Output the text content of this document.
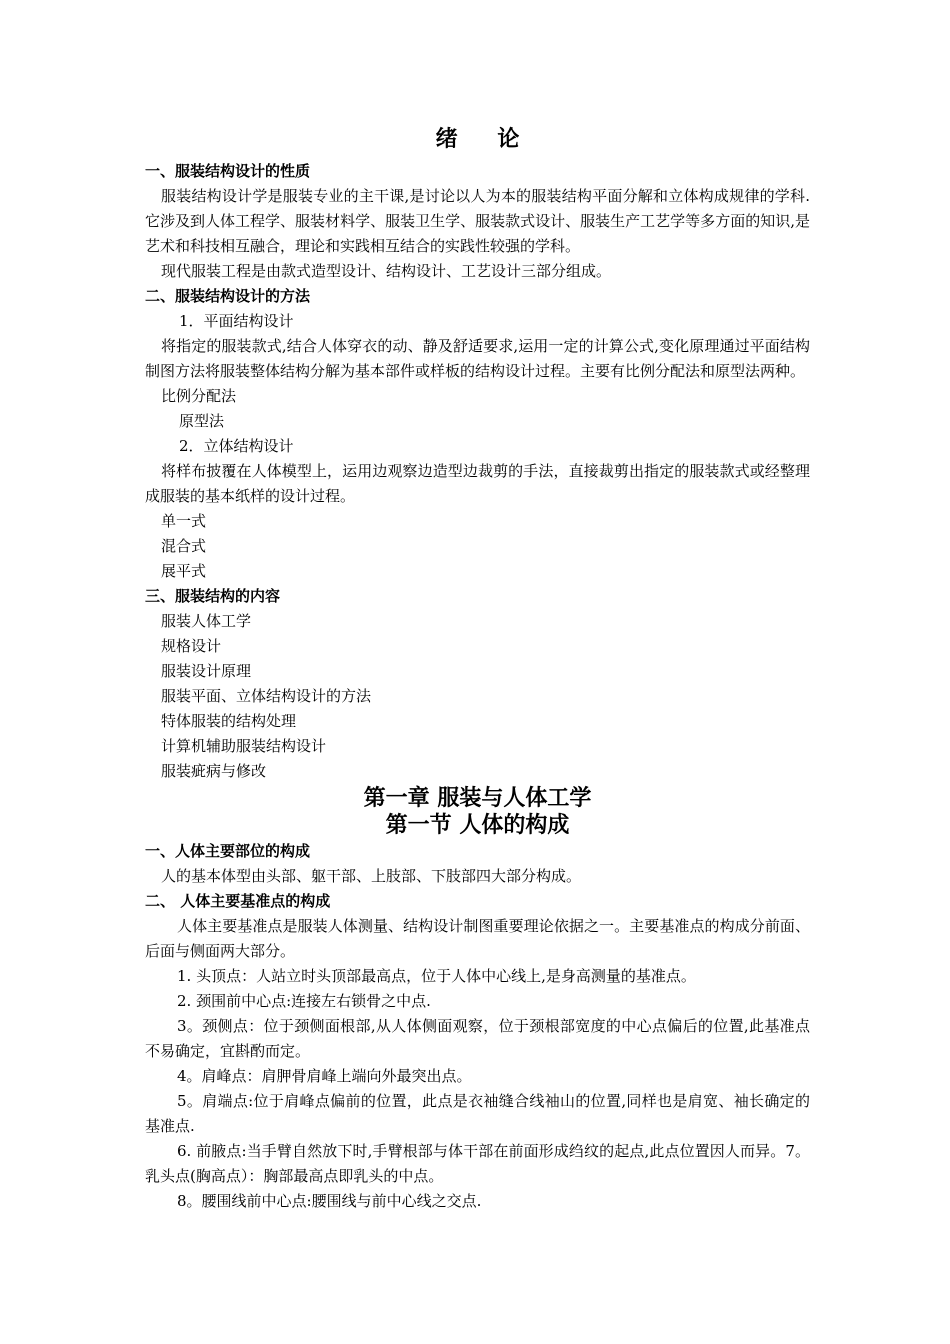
绪 论
一、服装结构设计的性质

服装结构设计学是服装专业的主干课,是讨论以人为本的服装结构平面分解和立体构成规律的学科.它涉及到人体工程学、服装材料学、服装卫生学、服装款式设计、服装生产工艺学等多方面的知识,是艺术和科技相互融合，理论和实践相互结合的实践性较强的学科。

现代服装工程是由款式造型设计、结构设计、工艺设计三部分组成。

二、服装结构设计的方法

1．平面结构设计

将指定的服装款式,结合人体穿衣的动、静及舒适要求,运用一定的计算公式,变化原理通过平面结构制图方法将服装整体结构分解为基本部件或样板的结构设计过程。主要有比例分配法和原型法两种。

比例分配法

原型法

2．立体结构设计

将样布披覆在人体模型上，运用边观察边造型边裁剪的手法，直接裁剪出指定的服装款式或经整理成服装的基本纸样的设计过程。

单一式

混合式

展平式

三、服装结构的内容

服装人体工学

规格设计

服装设计原理

服装平面、立体结构设计的方法

特体服装的结构处理

计算机辅助服装结构设计

服装疵病与修改

第一章 服装与人体工学
第一节 人体的构成
一、人体主要部位的构成

人的基本体型由头部、躯干部、上肢部、下肢部四大部分构成。

二、 人体主要基准点的构成

人体主要基准点是服装人体测量、结构设计制图重要理论依据之一。主要基准点的构成分前面、后面与侧面两大部分。

1. 头顶点：人站立时头顶部最高点，位于人体中心线上,是身高测量的基准点。

2. 颈围前中心点:连接左右锁骨之中点.

3。颈侧点：位于颈侧面根部,从人体侧面观察，位于颈根部宽度的中心点偏后的位置,此基准点不易确定，宜斟酌而定。

4。肩峰点：肩胛骨肩峰上端向外最突出点。

5。肩端点:位于肩峰点偏前的位置，此点是衣袖缝合线袖山的位置,同样也是肩宽、袖长确定的基准点.

6. 前腋点:当手臂自然放下时,手臂根部与体干部在前面形成绉纹的起点,此点位置因人而异。7。乳头点(胸高点）：胸部最高点即乳头的中点。

8。腰围线前中心点:腰围线与前中心线之交点.
